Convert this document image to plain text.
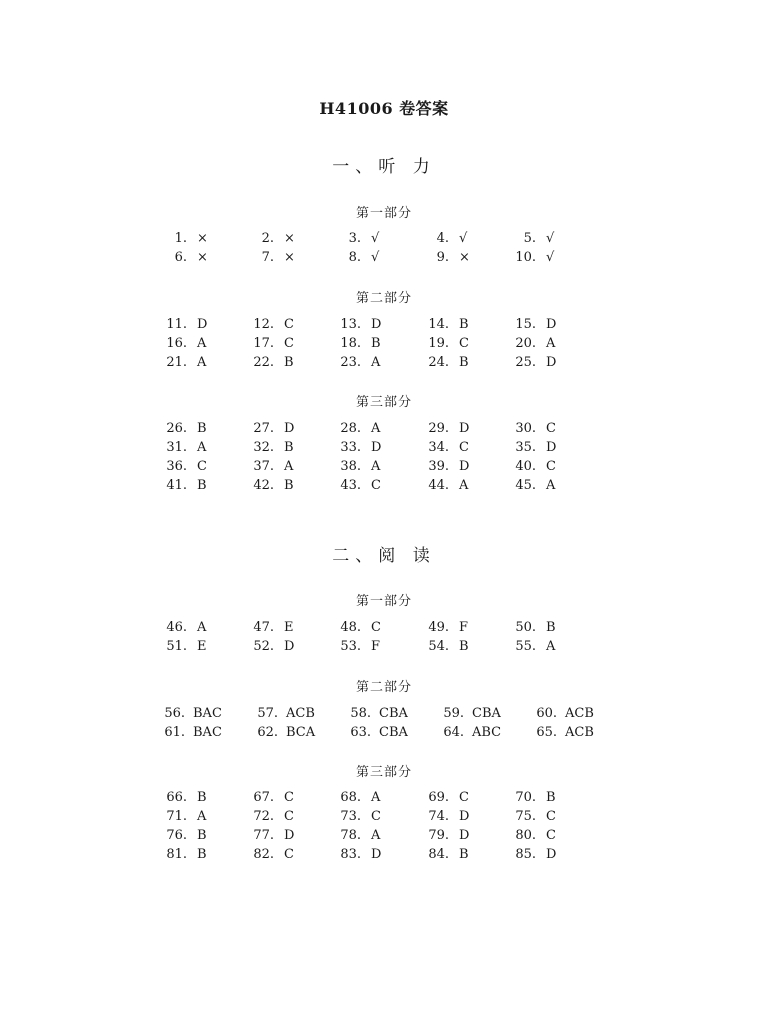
H41006 卷答案
一、听 力
第一部分
1. ×	2. ×	3. √	4. √	5. √
6. ×	7. ×	8. √	9. ×	10. √
第二部分
11. D	12. C	13. D	14. B	15. D
16. A	17. C	18. B	19. C	20. A
21. A	22. B	23. A	24. B	25. D
第三部分
26. B	27. D	28. A	29. D	30. C
31. A	32. B	33. D	34. C	35. D
36. C	37. A	38. A	39. D	40. C
41. B	42. B	43. C	44. A	45. A
二、阅 读
第一部分
46. A	47. E	48. C	49. F	50. B
51. E	52. D	53. F	54. B	55. A
第二部分
56. BAC	57. ACB	58. CBA	59. CBA	60. ACB
61. BAC	62. BCA	63. CBA	64. ABC	65. ACB
第三部分
66. B	67. C	68. A	69. C	70. B
71. A	72. C	73. C	74. D	75. C
76. B	77. D	78. A	79. D	80. C
81. B	82. C	83. D	84. B	85. D
